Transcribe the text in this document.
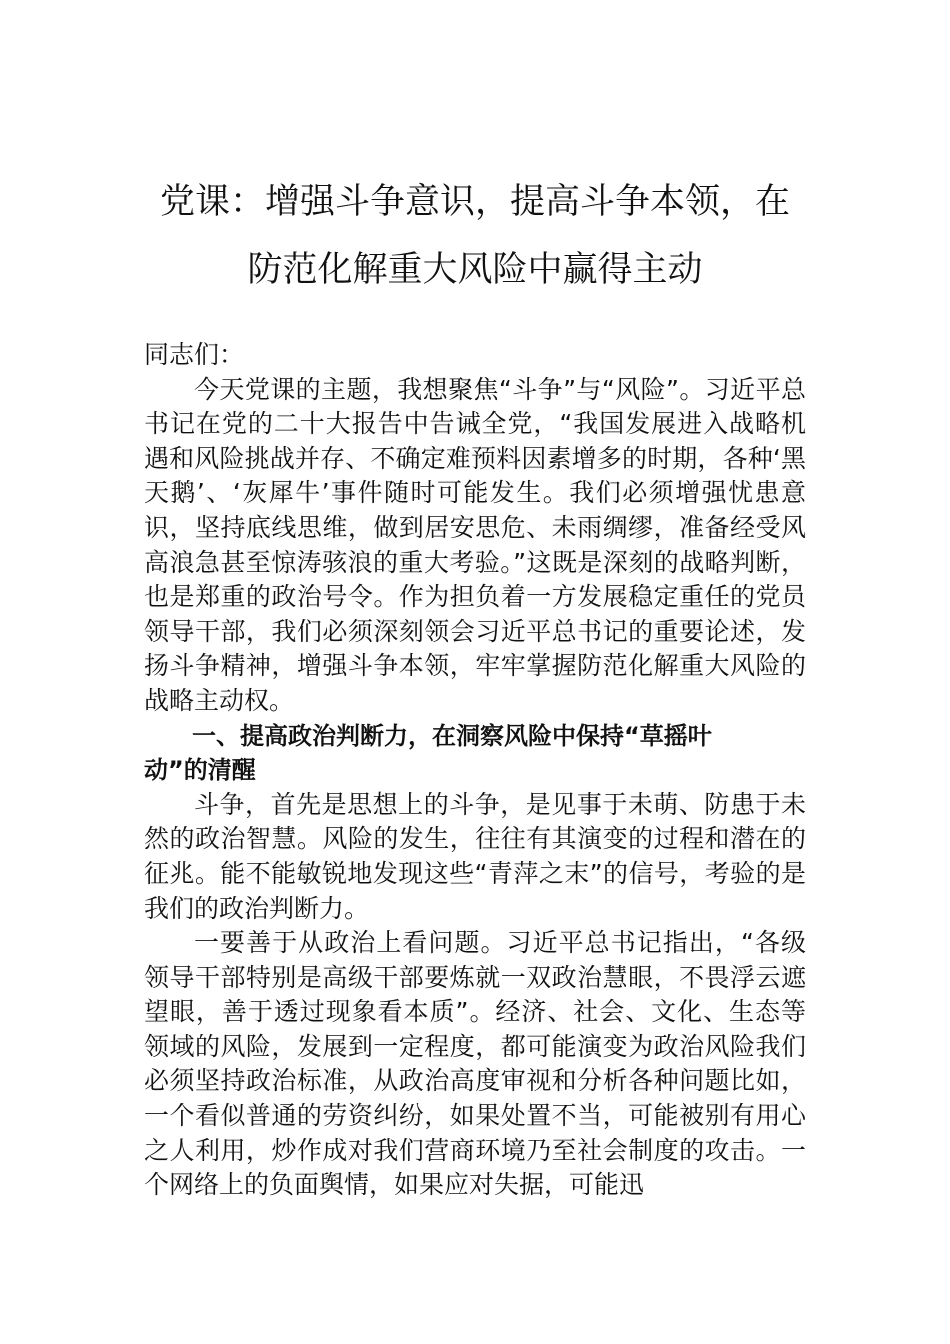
党课：增强斗争意识，提高斗争本领，在
防范化解重大风险中赢得主动

同志们：

今天党课的主题，我想聚焦“斗争”与“风险”。习近平总书记在党的二十大报告中告诫全党，“我国发展进入战略机遇和风险挑战并存、不确定难预料因素增多的时期，各种‘黑天鹅’、‘灰犀牛’事件随时可能发生。我们必须增强忧患意识，坚持底线思维，做到居安思危、未雨绸缪，准备经受风高浪急甚至惊涛骇浪的重大考验。”这既是深刻的战略判断，也是郑重的政治号令。作为担负着一方发展稳定重任的党员领导干部，我们必须深刻领会习近平总书记的重要论述，发扬斗争精神，增强斗争本领，牢牢掌握防范化解重大风险的战略主动权。

一、提高政治判断力，在洞察风险中保持“草摇叶动”的清醒

斗争，首先是思想上的斗争，是见事于未萌、防患于未然的政治智慧。风险的发生，往往有其演变的过程和潜在的征兆。能不能敏锐地发现这些“青萍之末”的信号，考验的是我们的政治判断力。

一要善于从政治上看问题。习近平总书记指出，“各级领导干部特别是高级干部要炼就一双政治慧眼，不畏浮云遮望眼，善于透过现象看本质”。经济、社会、文化、生态等领域的风险，发展到一定程度，都可能演变为政治风险我们必须坚持政治标准，从政治高度审视和分析各种问题比如，一个看似普通的劳资纠纷，如果处置不当，可能被别有用心之人利用，炒作成对我们营商环境乃至社会制度的攻击。一个网络上的负面舆情，如果应对失据，可能迅
